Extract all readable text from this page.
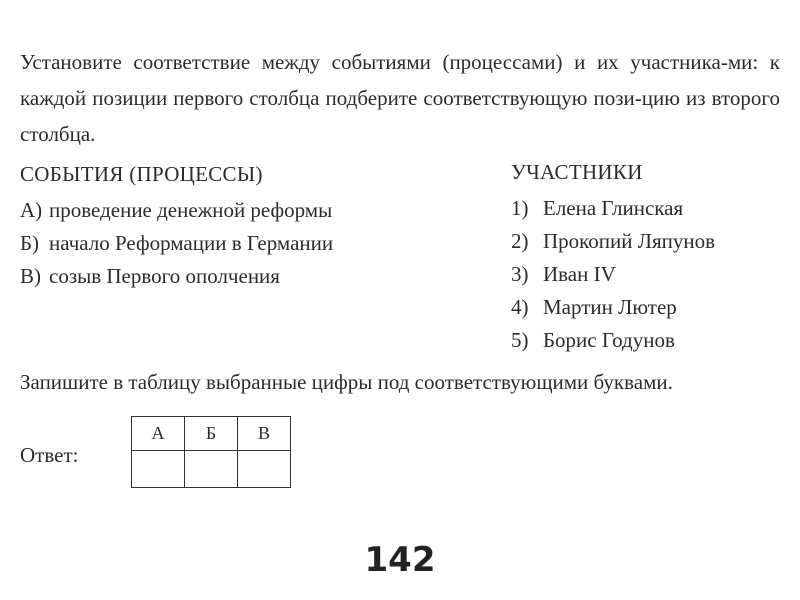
Установите соответствие между событиями (процессами) и их участника-ми: к каждой позиции первого столбца подберите соответствующую пози-цию из второго столбца.
СОБЫТИЯ (ПРОЦЕССЫ)	УЧАСТНИКИ
А) проведение денежной реформы
Б) начало Реформации в Германии
В) созыв Первого ополчения
1) Елена Глинская
2) Прокопий Ляпунов
3) Иван IV
4) Мартин Лютер
5) Борис Годунов
Запишите в таблицу выбранные цифры под соответствующими буквами.
Ответ:
А	Б	В

142
